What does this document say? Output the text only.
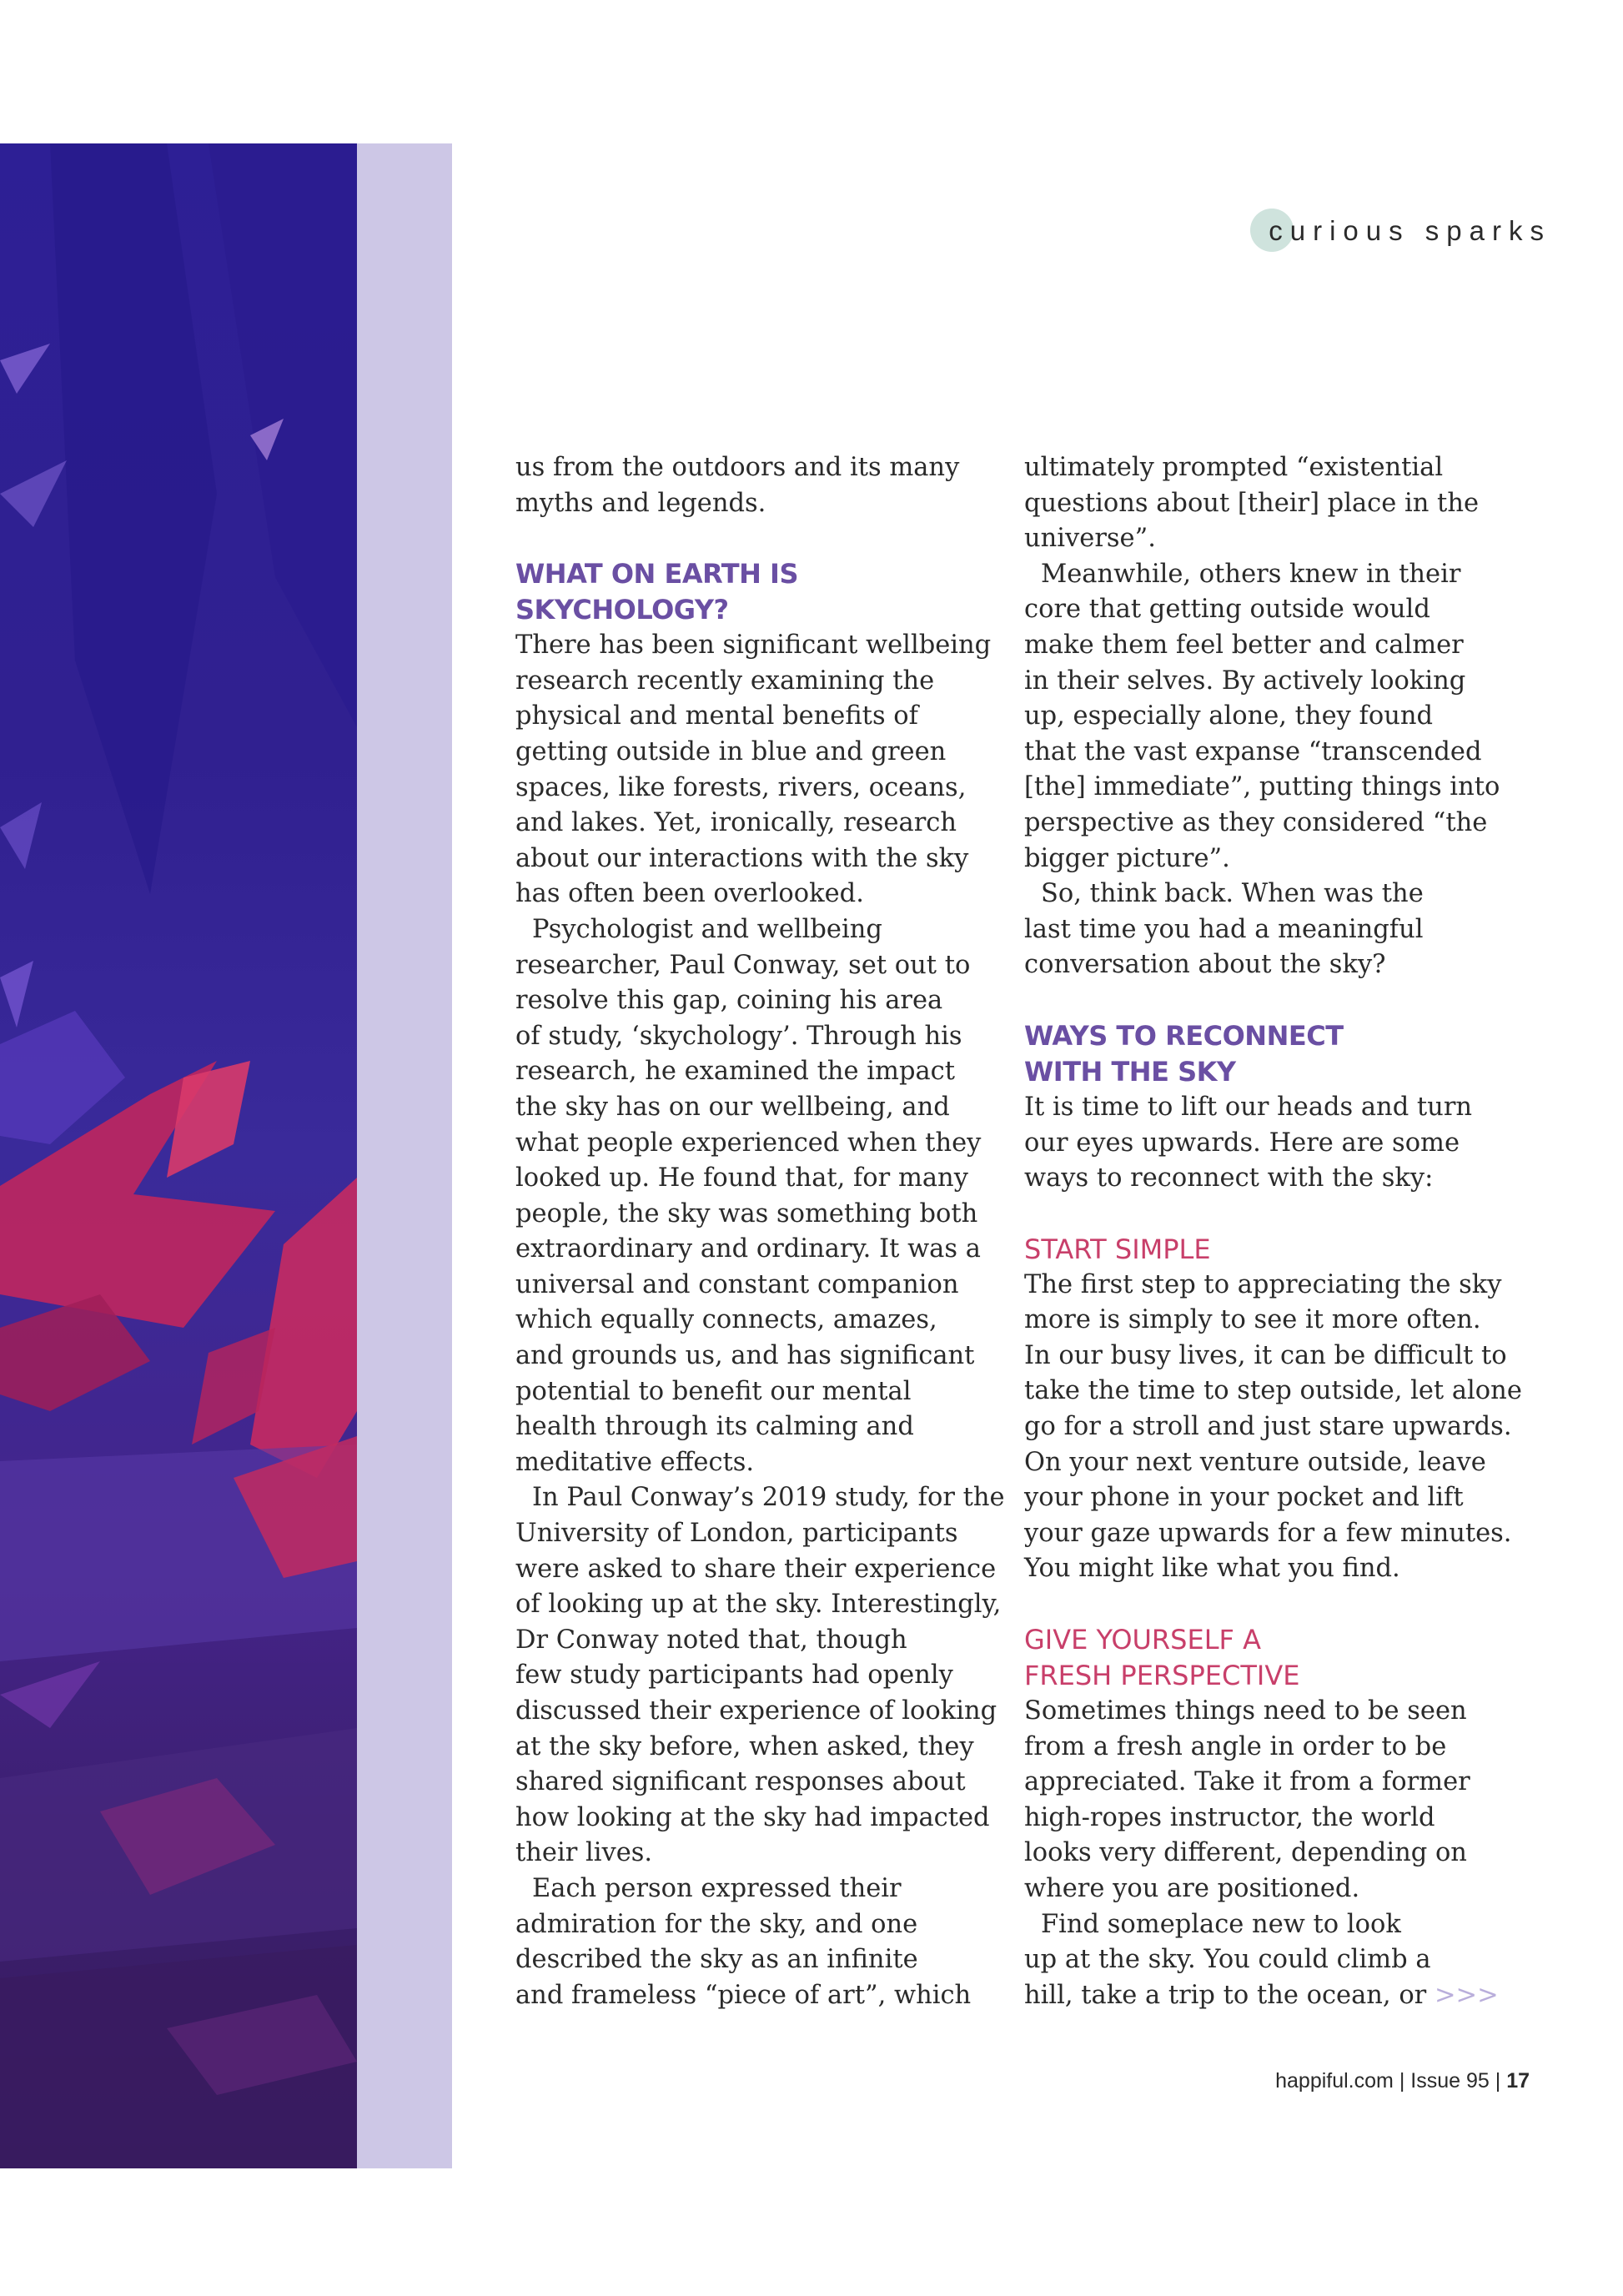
curious sparks
us from the outdoors and its many
myths and legends.
WHAT ON EARTH IS
SKYCHOLOGY?
There has been significant wellbeing
research recently examining the
physical and mental benefits of
getting outside in blue and green
spaces, like forests, rivers, oceans,
and lakes. Yet, ironically, research
about our interactions with the sky
has often been overlooked.
Psychologist and wellbeing
researcher, Paul Conway, set out to
resolve this gap, coining his area
of study, ‘skychology’. Through his
research, he examined the impact
the sky has on our wellbeing, and
what people experienced when they
looked up. He found that, for many
people, the sky was something both
extraordinary and ordinary. It was a
universal and constant companion
which equally connects, amazes,
and grounds us, and has significant
potential to benefit our mental
health through its calming and
meditative effects.
In Paul Conway’s 2019 study, for the
University of London, participants
were asked to share their experience
of looking up at the sky. Interestingly,
Dr Conway noted that, though
few study participants had openly
discussed their experience of looking
at the sky before, when asked, they
shared significant responses about
how looking at the sky had impacted
their lives.
Each person expressed their
admiration for the sky, and one
described the sky as an infinite
and frameless “piece of art”, which
ultimately prompted “existential
questions about [their] place in the
universe”.
Meanwhile, others knew in their
core that getting outside would
make them feel better and calmer
in their selves. By actively looking
up, especially alone, they found
that the vast expanse “transcended
[the] immediate”, putting things into
perspective as they considered “the
bigger picture”.
So, think back. When was the
last time you had a meaningful
conversation about the sky?
WAYS TO RECONNECT
WITH THE SKY
It is time to lift our heads and turn
our eyes upwards. Here are some
ways to reconnect with the sky:
START SIMPLE
The first step to appreciating the sky
more is simply to see it more often.
In our busy lives, it can be difficult to
take the time to step outside, let alone
go for a stroll and just stare upwards.
On your next venture outside, leave
your phone in your pocket and lift
your gaze upwards for a few minutes.
You might like what you find.
GIVE YOURSELF A
FRESH PERSPECTIVE
Sometimes things need to be seen
from a fresh angle in order to be
appreciated. Take it from a former
high-ropes instructor, the world
looks very different, depending on
where you are positioned.
Find someplace new to look
up at the sky. You could climb a
hill, take a trip to the ocean, or >>>
happiful.com | Issue 95 | 17
